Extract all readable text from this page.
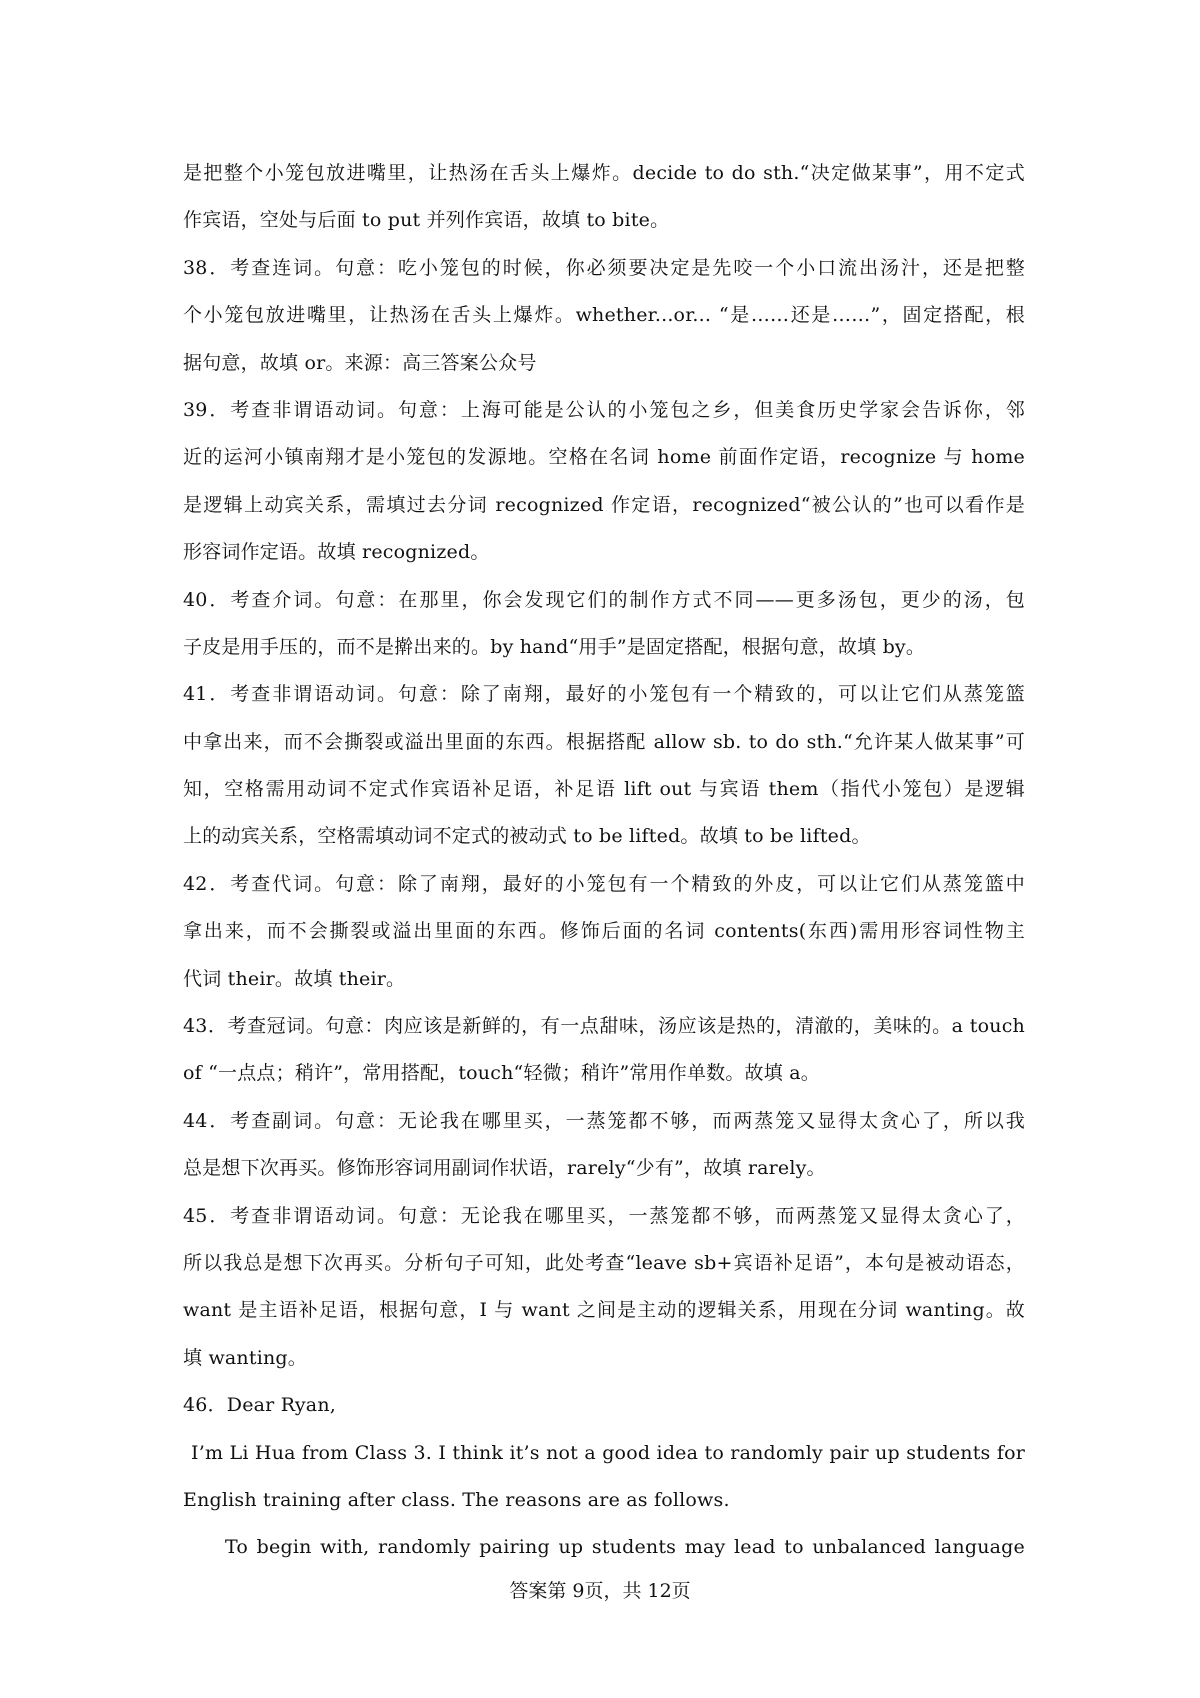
是把整个小笼包放进嘴里，让热汤在舌头上爆炸。decide to do sth.“决定做某事”，用不定式
作宾语，空处与后面 to put 并列作宾语，故填 to bite。
38．考查连词。句意：吃小笼包的时候，你必须要决定是先咬一个小口流出汤汁，还是把整
个小笼包放进嘴里，让热汤在舌头上爆炸。whether...or... “是……还是……”，固定搭配，根
据句意，故填 or。来源：高三答案公众号
39．考查非谓语动词。句意：上海可能是公认的小笼包之乡，但美食历史学家会告诉你，邻
近的运河小镇南翔才是小笼包的发源地。空格在名词 home 前面作定语，recognize 与 home
是逻辑上动宾关系，需填过去分词 recognized 作定语，recognized“被公认的”也可以看作是
形容词作定语。故填 recognized。
40．考查介词。句意：在那里，你会发现它们的制作方式不同——更多汤包，更少的汤，包
子皮是用手压的，而不是擀出来的。by hand“用手”是固定搭配，根据句意，故填 by。
41．考查非谓语动词。句意：除了南翔，最好的小笼包有一个精致的，可以让它们从蒸笼篮
中拿出来，而不会撕裂或溢出里面的东西。根据搭配 allow sb. to do sth.“允许某人做某事”可
知，空格需用动词不定式作宾语补足语，补足语 lift out 与宾语 them（指代小笼包）是逻辑
上的动宾关系，空格需填动词不定式的被动式 to be lifted。故填 to be lifted。
42．考查代词。句意：除了南翔，最好的小笼包有一个精致的外皮，可以让它们从蒸笼篮中
拿出来，而不会撕裂或溢出里面的东西。修饰后面的名词 contents(东西)需用形容词性物主
代词 their。故填 their。
43．考查冠词。句意：肉应该是新鲜的，有一点甜味，汤应该是热的，清澈的，美味的。a touch
of “一点点；稍许”，常用搭配，touch“轻微；稍许”常用作单数。故填 a。
44．考查副词。句意：无论我在哪里买，一蒸笼都不够，而两蒸笼又显得太贪心了，所以我
总是想下次再买。修饰形容词用副词作状语，rarely“少有”，故填 rarely。
45．考查非谓语动词。句意：无论我在哪里买，一蒸笼都不够，而两蒸笼又显得太贪心了，
所以我总是想下次再买。分析句子可知，此处考查“leave sb+宾语补足语”，本句是被动语态，
want 是主语补足语，根据句意，I 与 want 之间是主动的逻辑关系，用现在分词 wanting。故
填 wanting。
46．Dear Ryan,
I’m Li Hua from Class 3. I think it’s not a good idea to randomly pair up students for
English training after class. The reasons are as follows.
To begin with, randomly pairing up students may lead to unbalanced language
答案第 9页，共 12页
